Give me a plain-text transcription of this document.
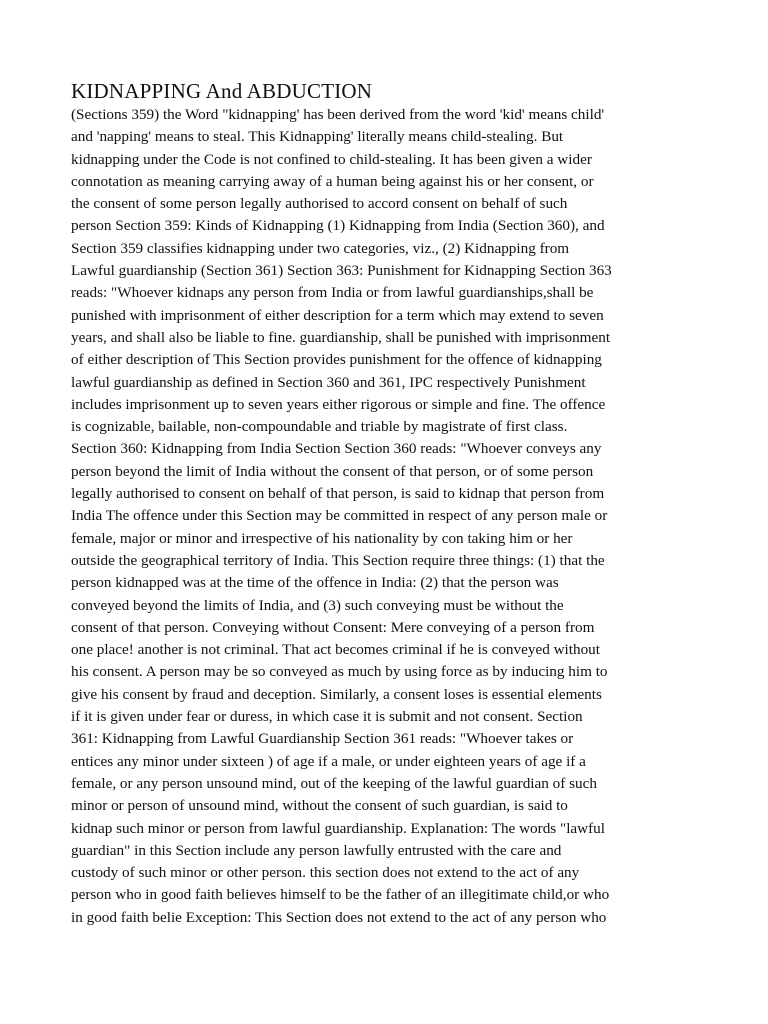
KIDNAPPING And ABDUCTION
(Sections 359) the Word "kidnapping' has been derived from the word 'kid' means child'
and 'napping' means to steal. This Kidnapping' literally means child-stealing. But
kidnapping under the Code is not confined to child-stealing. It has been given a wider
connotation as meaning carrying away of a human being against his or her consent, or
the consent of some person legally authorised to accord consent on behalf of such
person Section 359: Kinds of Kidnapping (1) Kidnapping from India (Section 360), and
Section 359 classifies kidnapping under two categories, viz., (2) Kidnapping from
Lawful guardianship (Section 361) Section 363: Punishment for Kidnapping Section 363
reads: "Whoever kidnaps any person from India or from lawful guardianships,shall be
punished with imprisonment of either description for a term which may extend to seven
years, and shall also be liable to fine. guardianship, shall be punished with imprisonment
of either description of This Section provides punishment for the offence of kidnapping
lawful guardianship as defined in Section 360 and 361, IPC respectively Punishment
includes imprisonment up to seven years either rigorous or simple and fine. The offence
is cognizable, bailable, non-compoundable and triable by magistrate of first class.
Section 360: Kidnapping from India Section Section 360 reads: "Whoever conveys any
person beyond the limit of India without the consent of that person, or of some person
legally authorised to consent on behalf of that person, is said to kidnap that person from
India The offence under this Section may be committed in respect of any person male or
female, major or minor and irrespective of his nationality by con taking him or her
outside the geographical territory of India. This Section require three things: (1) that the
person kidnapped was at the time of the offence in India: (2) that the person was
conveyed beyond the limits of India, and (3) such conveying must be without the
consent of that person. Conveying without Consent: Mere conveying of a person from
one place! another is not criminal. That act becomes criminal if he is conveyed without
his consent. A person may be so conveyed as much by using force as by inducing him to
give his consent by fraud and deception. Similarly, a consent loses is essential elements
if it is given under fear or duress, in which case it is submit and not consent. Section
361: Kidnapping from Lawful Guardianship Section 361 reads: "Whoever takes or
entices any minor under sixteen ) of age if a male, or under eighteen years of age if a
female, or any person unsound mind, out of the keeping of the lawful guardian of such
minor or person of unsound mind, without the consent of such guardian, is said to
kidnap such minor or person from lawful guardianship. Explanation: The words "lawful
guardian" in this Section include any person lawfully entrusted with the care and
custody of such minor or other person. this section does not extend to the act of any
person who in good faith believes himself to be the father of an illegitimate child,or who
in good faith belie Exception: This Section does not extend to the act of any person who
